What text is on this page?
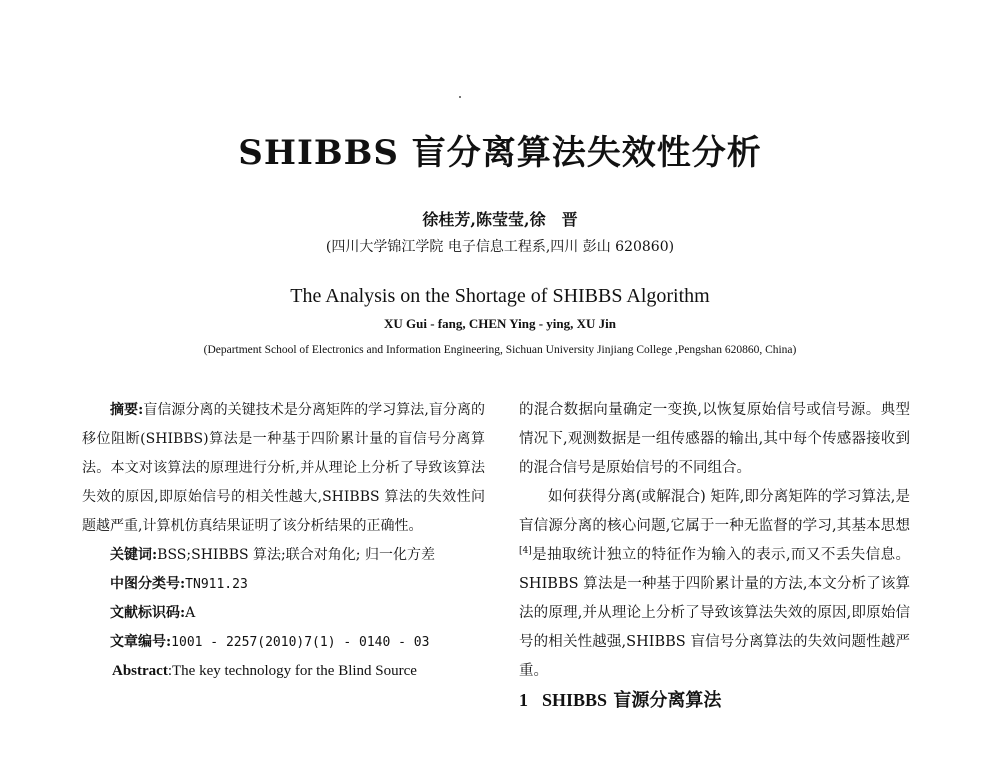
SHIBBS 盲分离算法失效性分析
徐桂芳,陈莹莹,徐　晋
(四川大学锦江学院 电子信息工程系,四川 彭山 620860)
The Analysis on the Shortage of SHIBBS Algorithm
XU Gui - fang, CHEN Ying - ying, XU Jin
(Department School of Electronics and Information Engineering, Sichuan University Jinjiang College ,Pengshan 620860, China)

摘要:盲信源分离的关键技术是分离矩阵的学习算法,盲分离的移位阻断(SHIBBS)算法是一种基于四阶累计量的盲信号分离算法。本文对该算法的原理进行分析,并从理论上分析了导致该算法失效的原因,即原始信号的相关性越大,SHIBBS 算法的失效性问题越严重,计算机仿真结果证明了该分析结果的正确性。

关键词:BSS;SHIBBS 算法;联合对角化; 归一化方差

中图分类号:TN911.23

文献标识码:A

文章编号:1001 - 2257(2010)7(1) - 0140 - 03

Abstract:The key technology for the Blind Source

的混合数据向量确定一变换,以恢复原始信号或信号源。典型情况下,观测数据是一组传感器的输出,其中每个传感器接收到的混合信号是原始信号的不同组合。

如何获得分离(或解混合) 矩阵,即分离矩阵的学习算法,是盲信源分离的核心问题,它属于一种无监督的学习,其基本思想[4]是抽取统计独立的特征作为输入的表示,而又不丢失信息。SHIBBS 算法是一种基于四阶累计量的方法,本文分析了该算法的原理,并从理论上分析了导致该算法失效的原因,即原始信号的相关性越强,SHIBBS 盲信号分离算法的失效问题性越严重。

1 SHIBBS 盲源分离算法
